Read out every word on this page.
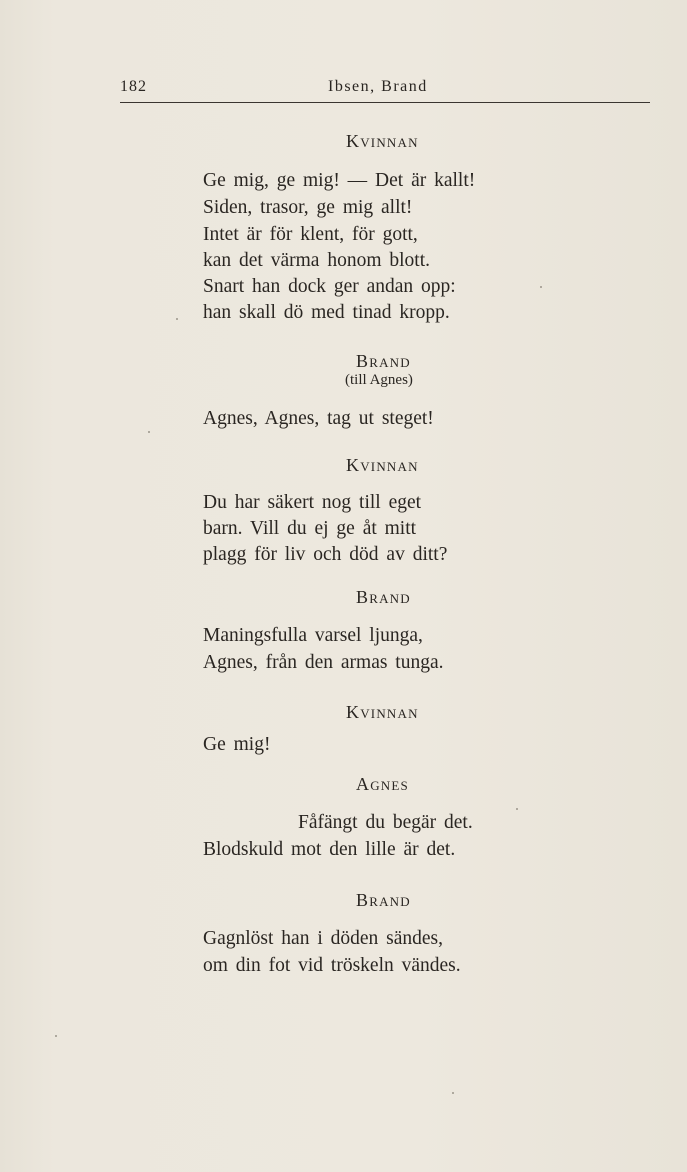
182	Ibsen, Brand
Kvinnan
Ge mig, ge mig! — Det är kallt!
Siden, trasor, ge mig allt!
Intet är för klent, för gott,
kan det värma honom blott.
Snart han dock ger andan opp:
han skall dö med tinad kropp.
Brand
(till Agnes)
Agnes, Agnes, tag ut steget!
Kvinnan
Du har säkert nog till eget
barn. Vill du ej ge åt mitt
plagg för liv och död av ditt?
Brand
Maningsfulla varsel ljunga,
Agnes, från den armas tunga.
Kvinnan
Ge mig!
Agnes
Fåfängt du begär det.
Blodskuld mot den lille är det.
Brand
Gagnlöst han i döden sändes,
om din fot vid tröskeln vändes.
